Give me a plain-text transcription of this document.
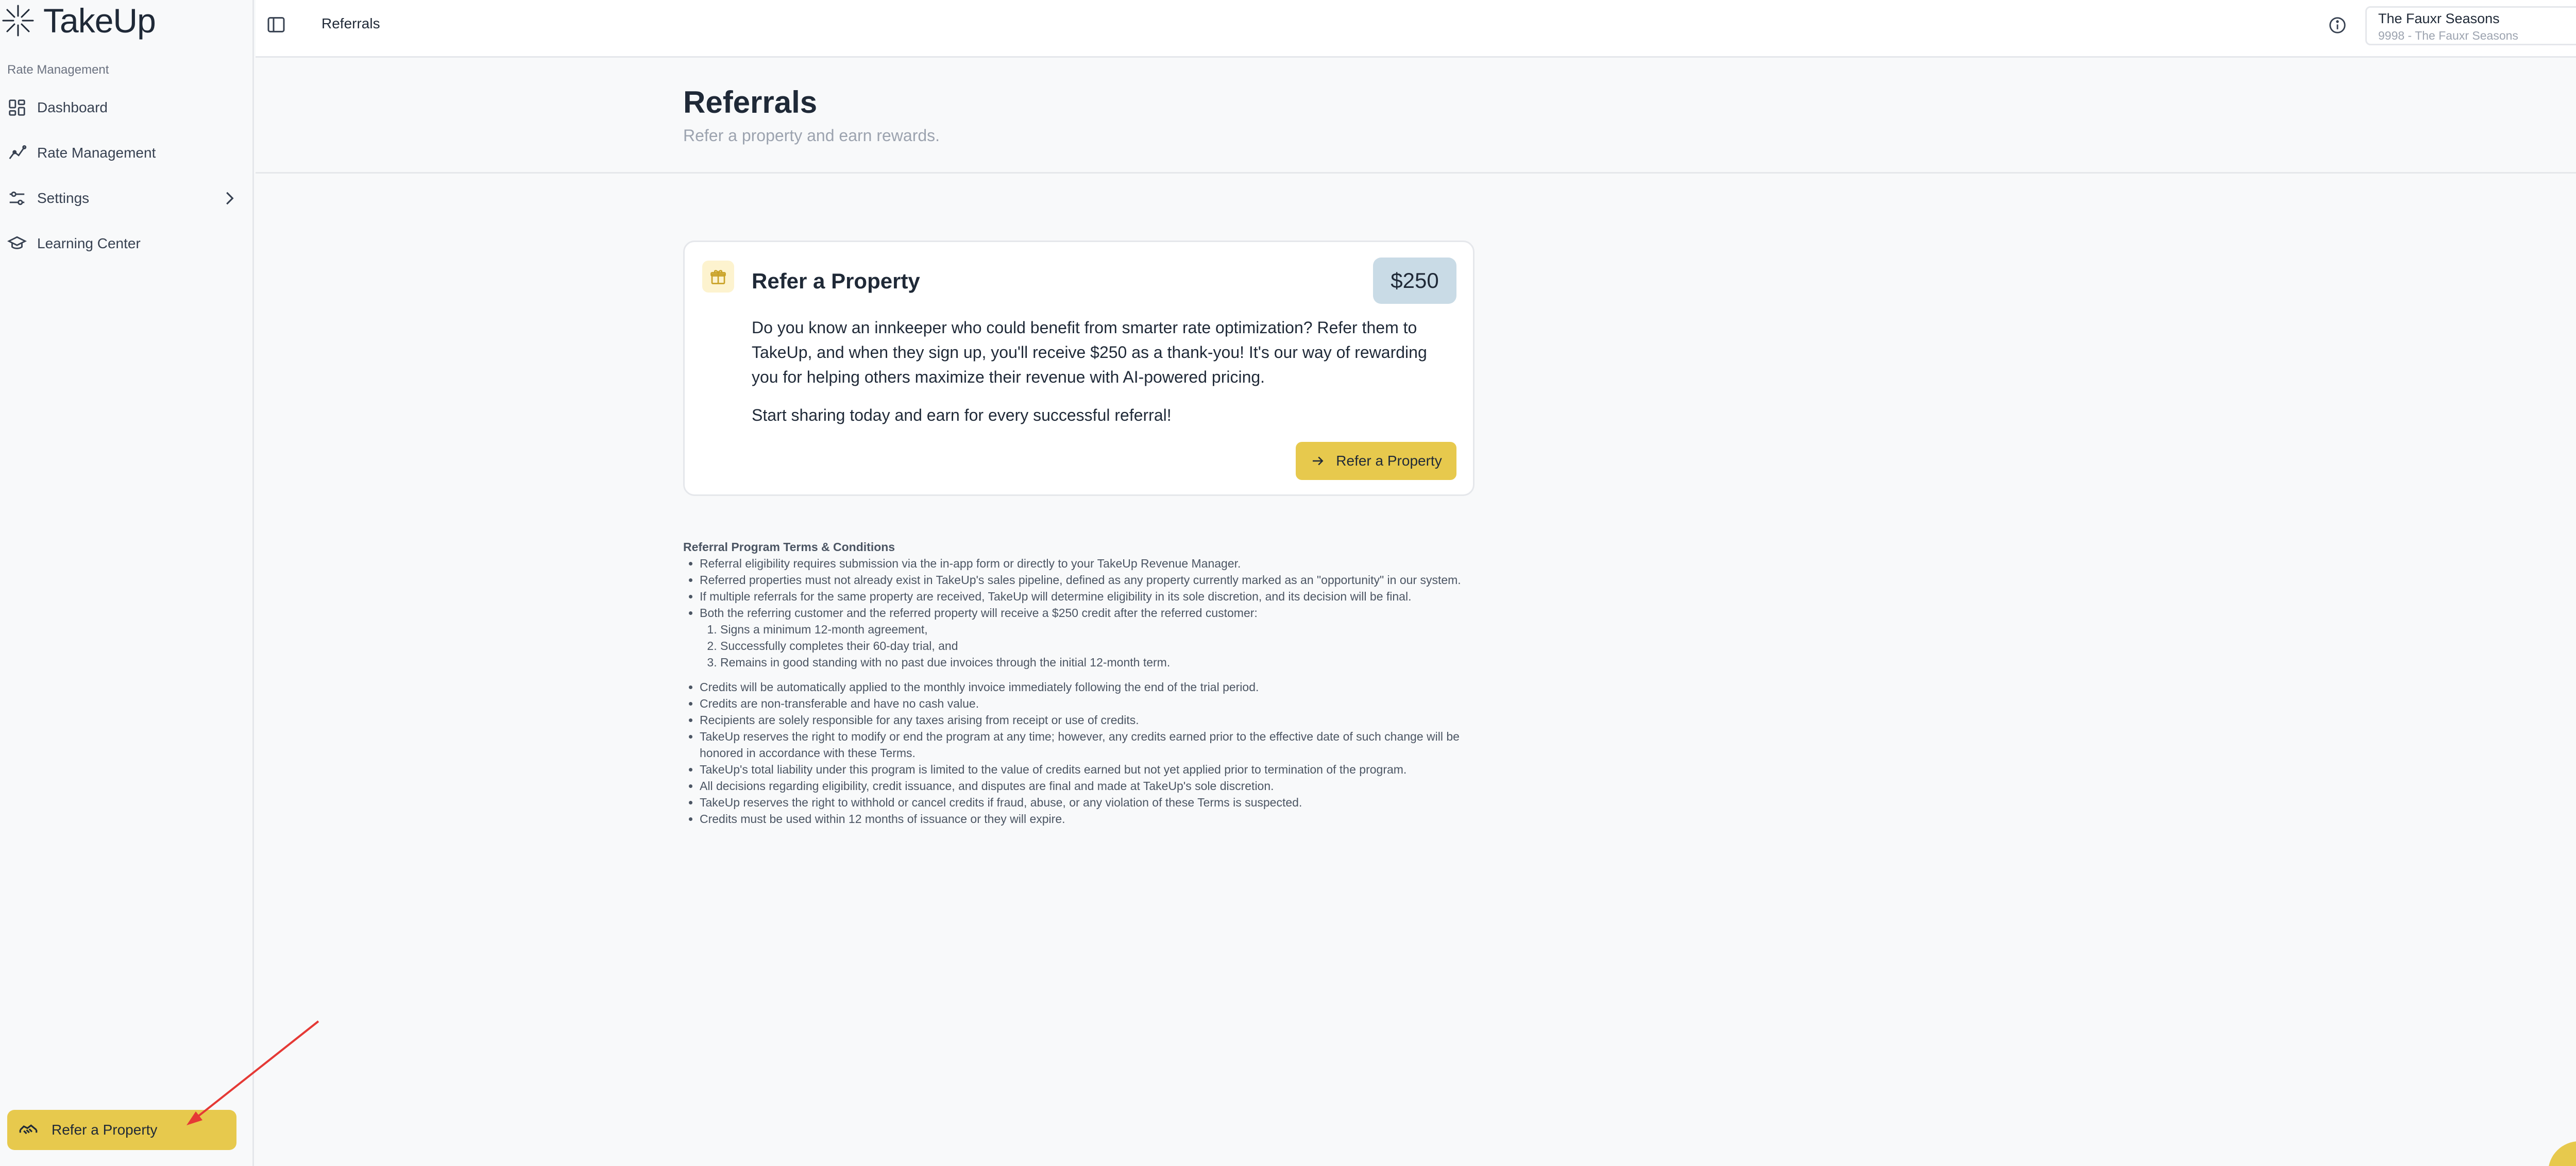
TakeUp
Rate Management
Dashboard
Rate Management
Settings
Learning Center
Refer a Property
Referrals	The Fauxr Seasons
9998 - The Fauxr Seasons
Referrals

Refer a property and earn rewards.

Refer a Property	$250

Do you know an innkeeper who could benefit from smarter rate optimization? Refer them to TakeUp, and when they sign up, you'll receive $250 as a thank-you! It's our way of rewarding you for helping others maximize their revenue with AI-powered pricing.

Start sharing today and earn for every successful referral!

Refer a Property
Referral Program Terms & Conditions
• Referral eligibility requires submission via the in-app form or directly to your TakeUp Revenue Manager.
• Referred properties must not already exist in TakeUp's sales pipeline, defined as any property currently marked as an "opportunity" in our system.
• If multiple referrals for the same property are received, TakeUp will determine eligibility in its sole discretion, and its decision will be final.
• Both the referring customer and the referred property will receive a $250 credit after the referred customer:
1. Signs a minimum 12-month agreement,
2. Successfully completes their 60-day trial, and
3. Remains in good standing with no past due invoices through the initial 12-month term.
• Credits will be automatically applied to the monthly invoice immediately following the end of the trial period.
• Credits are non-transferable and have no cash value.
• Recipients are solely responsible for any taxes arising from receipt or use of credits.
• TakeUp reserves the right to modify or end the program at any time; however, any credits earned prior to the effective date of such change will be honored in accordance with these Terms.
• TakeUp's total liability under this program is limited to the value of credits earned but not yet applied prior to termination of the program.
• All decisions regarding eligibility, credit issuance, and disputes are final and made at TakeUp's sole discretion.
• TakeUp reserves the right to withhold or cancel credits if fraud, abuse, or any violation of these Terms is suspected.
• Credits must be used within 12 months of issuance or they will expire.
